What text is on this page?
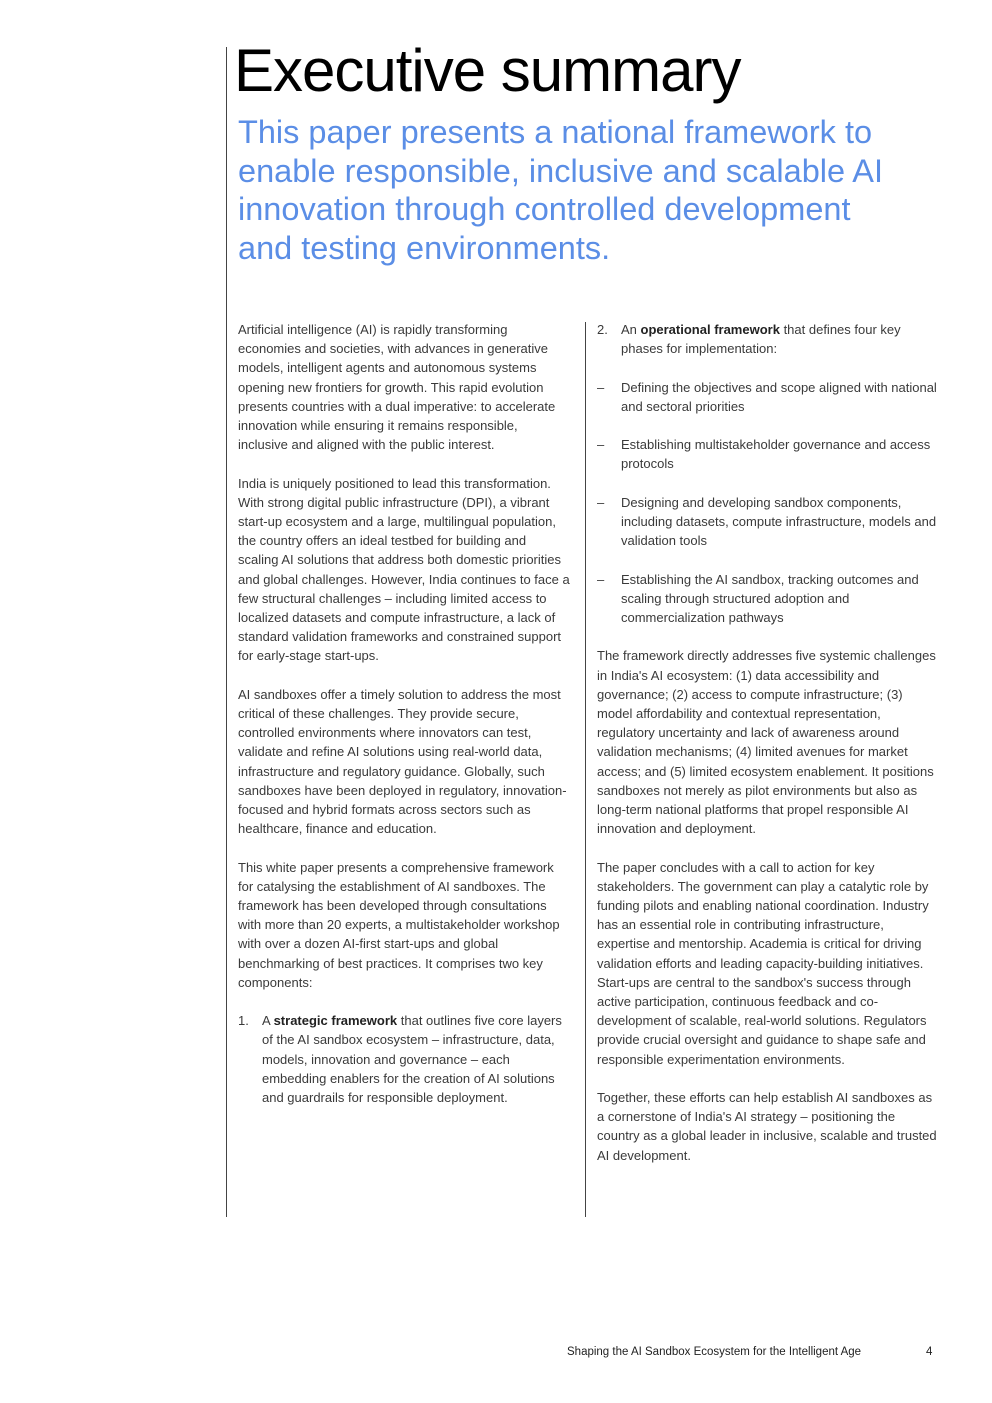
Executive summary
This paper presents a national framework to enable responsible, inclusive and scalable AI innovation through controlled development and testing environments.

Artificial intelligence (AI) is rapidly transforming economies and societies, with advances in generative models, intelligent agents and autonomous systems opening new frontiers for growth. This rapid evolution presents countries with a dual imperative: to accelerate innovation while ensuring it remains responsible, inclusive and aligned with the public interest.

India is uniquely positioned to lead this transformation. With strong digital public infrastructure (DPI), a vibrant start-up ecosystem and a large, multilingual population, the country offers an ideal testbed for building and scaling AI solutions that address both domestic priorities and global challenges. However, India continues to face a few structural challenges – including limited access to localized datasets and compute infrastructure, a lack of standard validation frameworks and constrained support for early-stage start-ups.

AI sandboxes offer a timely solution to address the most critical of these challenges. They provide secure, controlled environments where innovators can test, validate and refine AI solutions using real-world data, infrastructure and regulatory guidance. Globally, such sandboxes have been deployed in regulatory, innovation-focused and hybrid formats across sectors such as healthcare, finance and education.

This white paper presents a comprehensive framework for catalysing the establishment of AI sandboxes. The framework has been developed through consultations with more than 20 experts, a multistakeholder workshop with over a dozen AI-first start-ups and global benchmarking of best practices. It comprises two key components:

1.	A strategic framework that outlines five core layers of the AI sandbox ecosystem – infrastructure, data, models, innovation and governance – each embedding enablers for the creation of AI solutions and guardrails for responsible deployment.
2.	An operational framework that defines four key phases for implementation:
–	Defining the objectives and scope aligned with national and sectoral priorities
–	Establishing multistakeholder governance and access protocols
–	Designing and developing sandbox components, including datasets, compute infrastructure, models and validation tools
–	Establishing the AI sandbox, tracking outcomes and scaling through structured adoption and commercialization pathways

The framework directly addresses five systemic challenges in India's AI ecosystem: (1) data accessibility and governance; (2) access to compute infrastructure; (3) model affordability and contextual representation, regulatory uncertainty and lack of awareness around validation mechanisms; (4) limited avenues for market access; and (5) limited ecosystem enablement. It positions sandboxes not merely as pilot environments but also as long-term national platforms that propel responsible AI innovation and deployment.

The paper concludes with a call to action for key stakeholders. The government can play a catalytic role by funding pilots and enabling national coordination. Industry has an essential role in contributing infrastructure, expertise and mentorship. Academia is critical for driving validation efforts and leading capacity-building initiatives. Start-ups are central to the sandbox's success through active participation, continuous feedback and co-development of scalable, real-world solutions. Regulators provide crucial oversight and guidance to shape safe and responsible experimentation environments.

Together, these efforts can help establish AI sandboxes as a cornerstone of India's AI strategy – positioning the country as a global leader in inclusive, scalable and trusted AI development.

Shaping the AI Sandbox Ecosystem for the Intelligent Age	4
